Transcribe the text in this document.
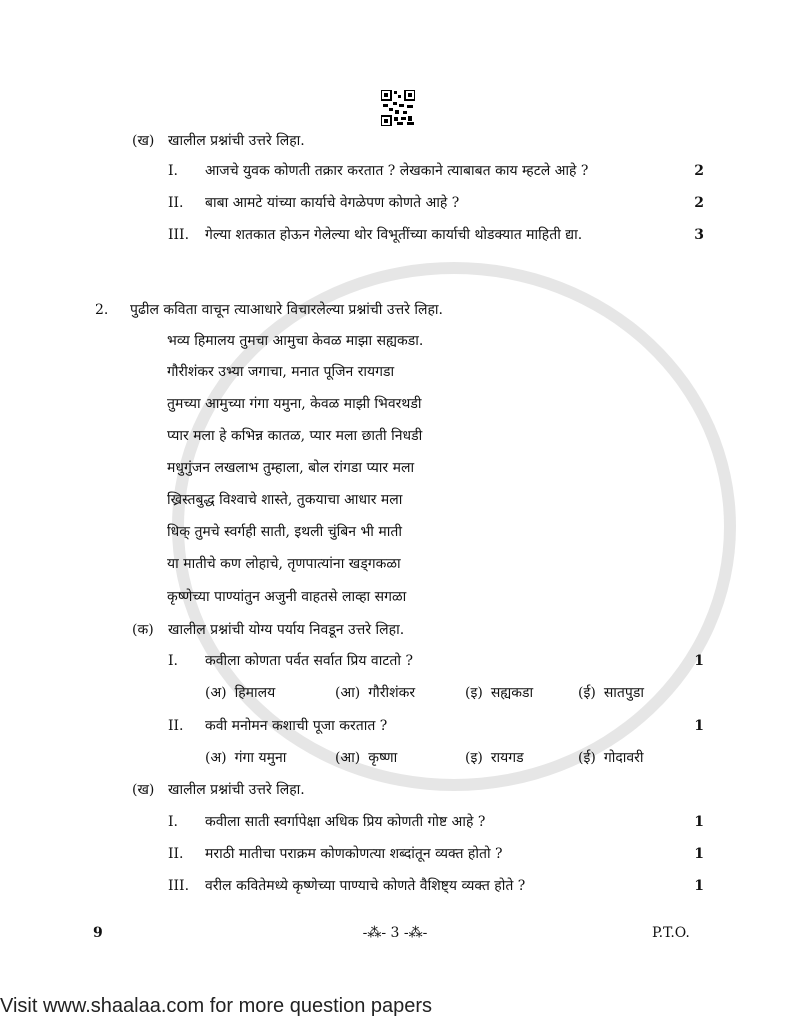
(ख) खालील प्रश्नांची उत्तरे लिहा.
I. आजचे युवक कोणती तक्रार करतात ? लेखकाने त्याबाबत काय म्हटले आहे ?	2
II. बाबा आमटे यांच्या कार्याचे वेगळेपण कोणते आहे ?	2
III. गेल्या शतकात होऊन गेलेल्या थोर विभूतींच्या कार्याची थोडक्यात माहिती द्या.	3
2. पुढील कविता वाचून त्याआधारे विचारलेल्या प्रश्नांची उत्तरे लिहा.
भव्य हिमालय तुमचा आमुचा केवळ माझा सह्यकडा.
गौरीशंकर उभ्या जगाचा, मनात पूजिन रायगडा
तुमच्या आमुच्या गंगा यमुना, केवळ माझी भिवरथडी
प्यार मला हे कभिन्न कातळ, प्यार मला छाती निधडी
मधुगुंजन लखलाभ तुम्हाला, बोल रांगडा प्यार मला
ख्रिस्तबुद्ध विश्वाचे शास्ते, तुकयाचा आधार मला
धिक् तुमचे स्वर्गही साती, इथली चुंबिन भी माती
या मातीचे कण लोहाचे, तृणपात्यांना खड्गकळा
कृष्णेच्या पाण्यांतुन अजुनी वाहतसे लाव्हा सगळा
(क) खालील प्रश्नांची योग्य पर्याय निवडून उत्तरे लिहा.
I. कवीला कोणता पर्वत सर्वात प्रिय वाटतो ?	1
(अ) हिमालय	(आ) गौरीशंकर	(इ) सह्यकडा	(ई) सातपुडा
II. कवी मनोमन कशाची पूजा करतात ?	1
(अ) गंगा यमुना	(आ) कृष्णा	(इ) रायगड	(ई) गोदावरी
(ख) खालील प्रश्नांची उत्तरे लिहा.
I. कवीला साती स्वर्गापेक्षा अधिक प्रिय कोणती गोष्ट आहे ?	1
II. मराठी मातीचा पराक्रम कोणकोणत्या शब्दांतून व्यक्त होतो ?	1
III. वरील कवितेमध्ये कृष्णेच्या पाण्याचे कोणते वैशिष्ट्य व्यक्त होते ?	1
9	-⁂- 3 -⁂-	P.T.O.
Visit www.shaalaa.com for more question papers
